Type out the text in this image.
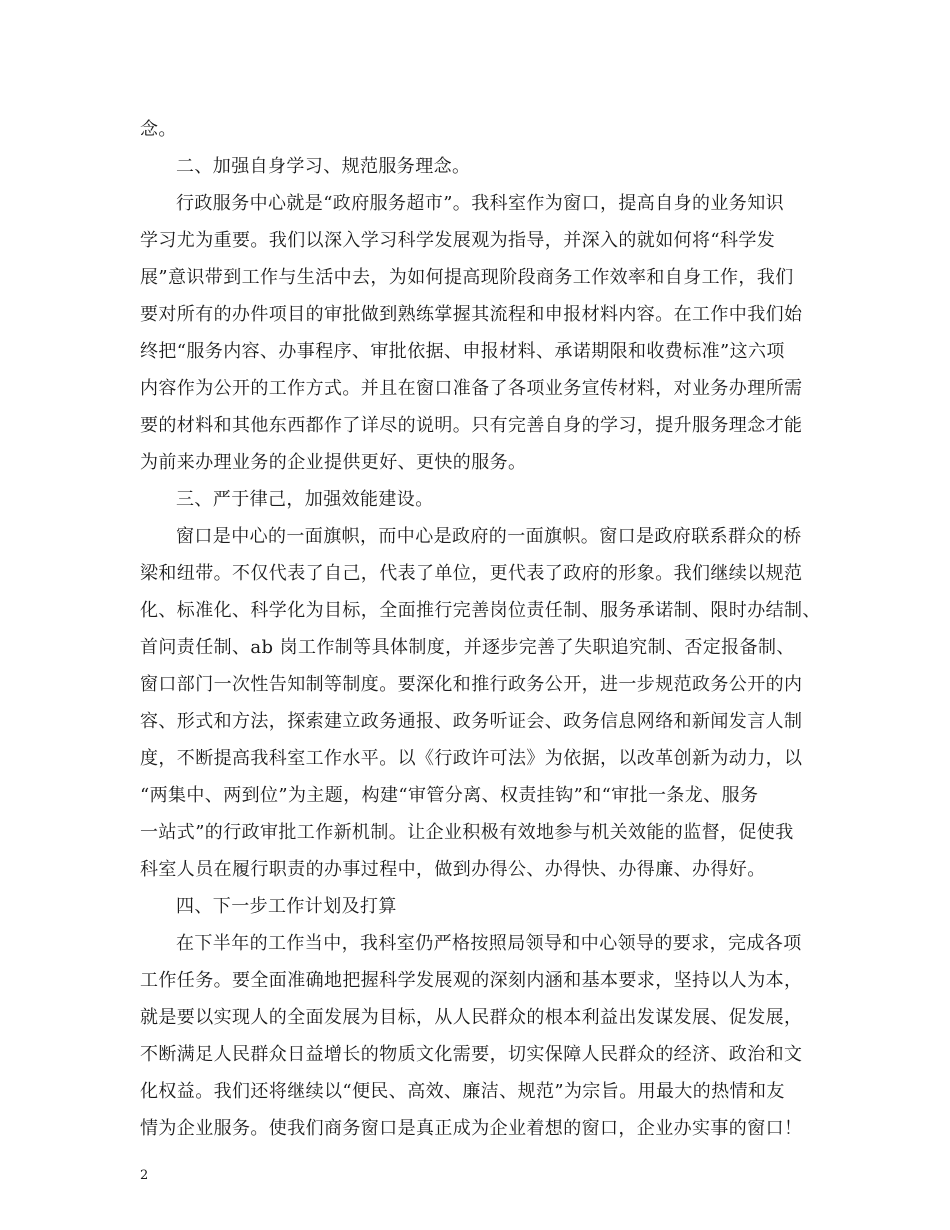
念。
二、加强自身学习、规范服务理念。
行政服务中心就是“政府服务超市”。我科室作为窗口，提高自身的业务知识
学习尤为重要。我们以深入学习科学发展观为指导，并深入的就如何将“科学发
展”意识带到工作与生活中去，为如何提高现阶段商务工作效率和自身工作，我们
要对所有的办件项目的审批做到熟练掌握其流程和申报材料内容。在工作中我们始
终把“服务内容、办事程序、审批依据、申报材料、承诺期限和收费标准”这六项
内容作为公开的工作方式。并且在窗口准备了各项业务宣传材料，对业务办理所需
要的材料和其他东西都作了详尽的说明。只有完善自身的学习，提升服务理念才能
为前来办理业务的企业提供更好、更快的服务。
三、严于律己，加强效能建设。
窗口是中心的一面旗帜，而中心是政府的一面旗帜。窗口是政府联系群众的桥
梁和纽带。不仅代表了自己，代表了单位，更代表了政府的形象。我们继续以规范
化、标准化、科学化为目标，全面推行完善岗位责任制、服务承诺制、限时办结制、
首问责任制、ab 岗工作制等具体制度，并逐步完善了失职追究制、否定报备制、
窗口部门一次性告知制等制度。要深化和推行政务公开，进一步规范政务公开的内
容、形式和方法，探索建立政务通报、政务听证会、政务信息网络和新闻发言人制
度，不断提高我科室工作水平。以《行政许可法》为依据，以改革创新为动力，以
“两集中、两到位”为主题，构建“审管分离、权责挂钩”和“审批一条龙、服务
一站式”的行政审批工作新机制。让企业积极有效地参与机关效能的监督，促使我
科室人员在履行职责的办事过程中，做到办得公、办得快、办得廉、办得好。
四、下一步工作计划及打算
在下半年的工作当中，我科室仍严格按照局领导和中心领导的要求，完成各项
工作任务。要全面准确地把握科学发展观的深刻内涵和基本要求，坚持以人为本，
就是要以实现人的全面发展为目标，从人民群众的根本利益出发谋发展、促发展，
不断满足人民群众日益增长的物质文化需要，切实保障人民群众的经济、政治和文
化权益。我们还将继续以“便民、高效、廉洁、规范”为宗旨。用最大的热情和友
2
情为企业服务。使我们商务窗口是真正成为企业着想的窗口，企业办实事的窗口！
